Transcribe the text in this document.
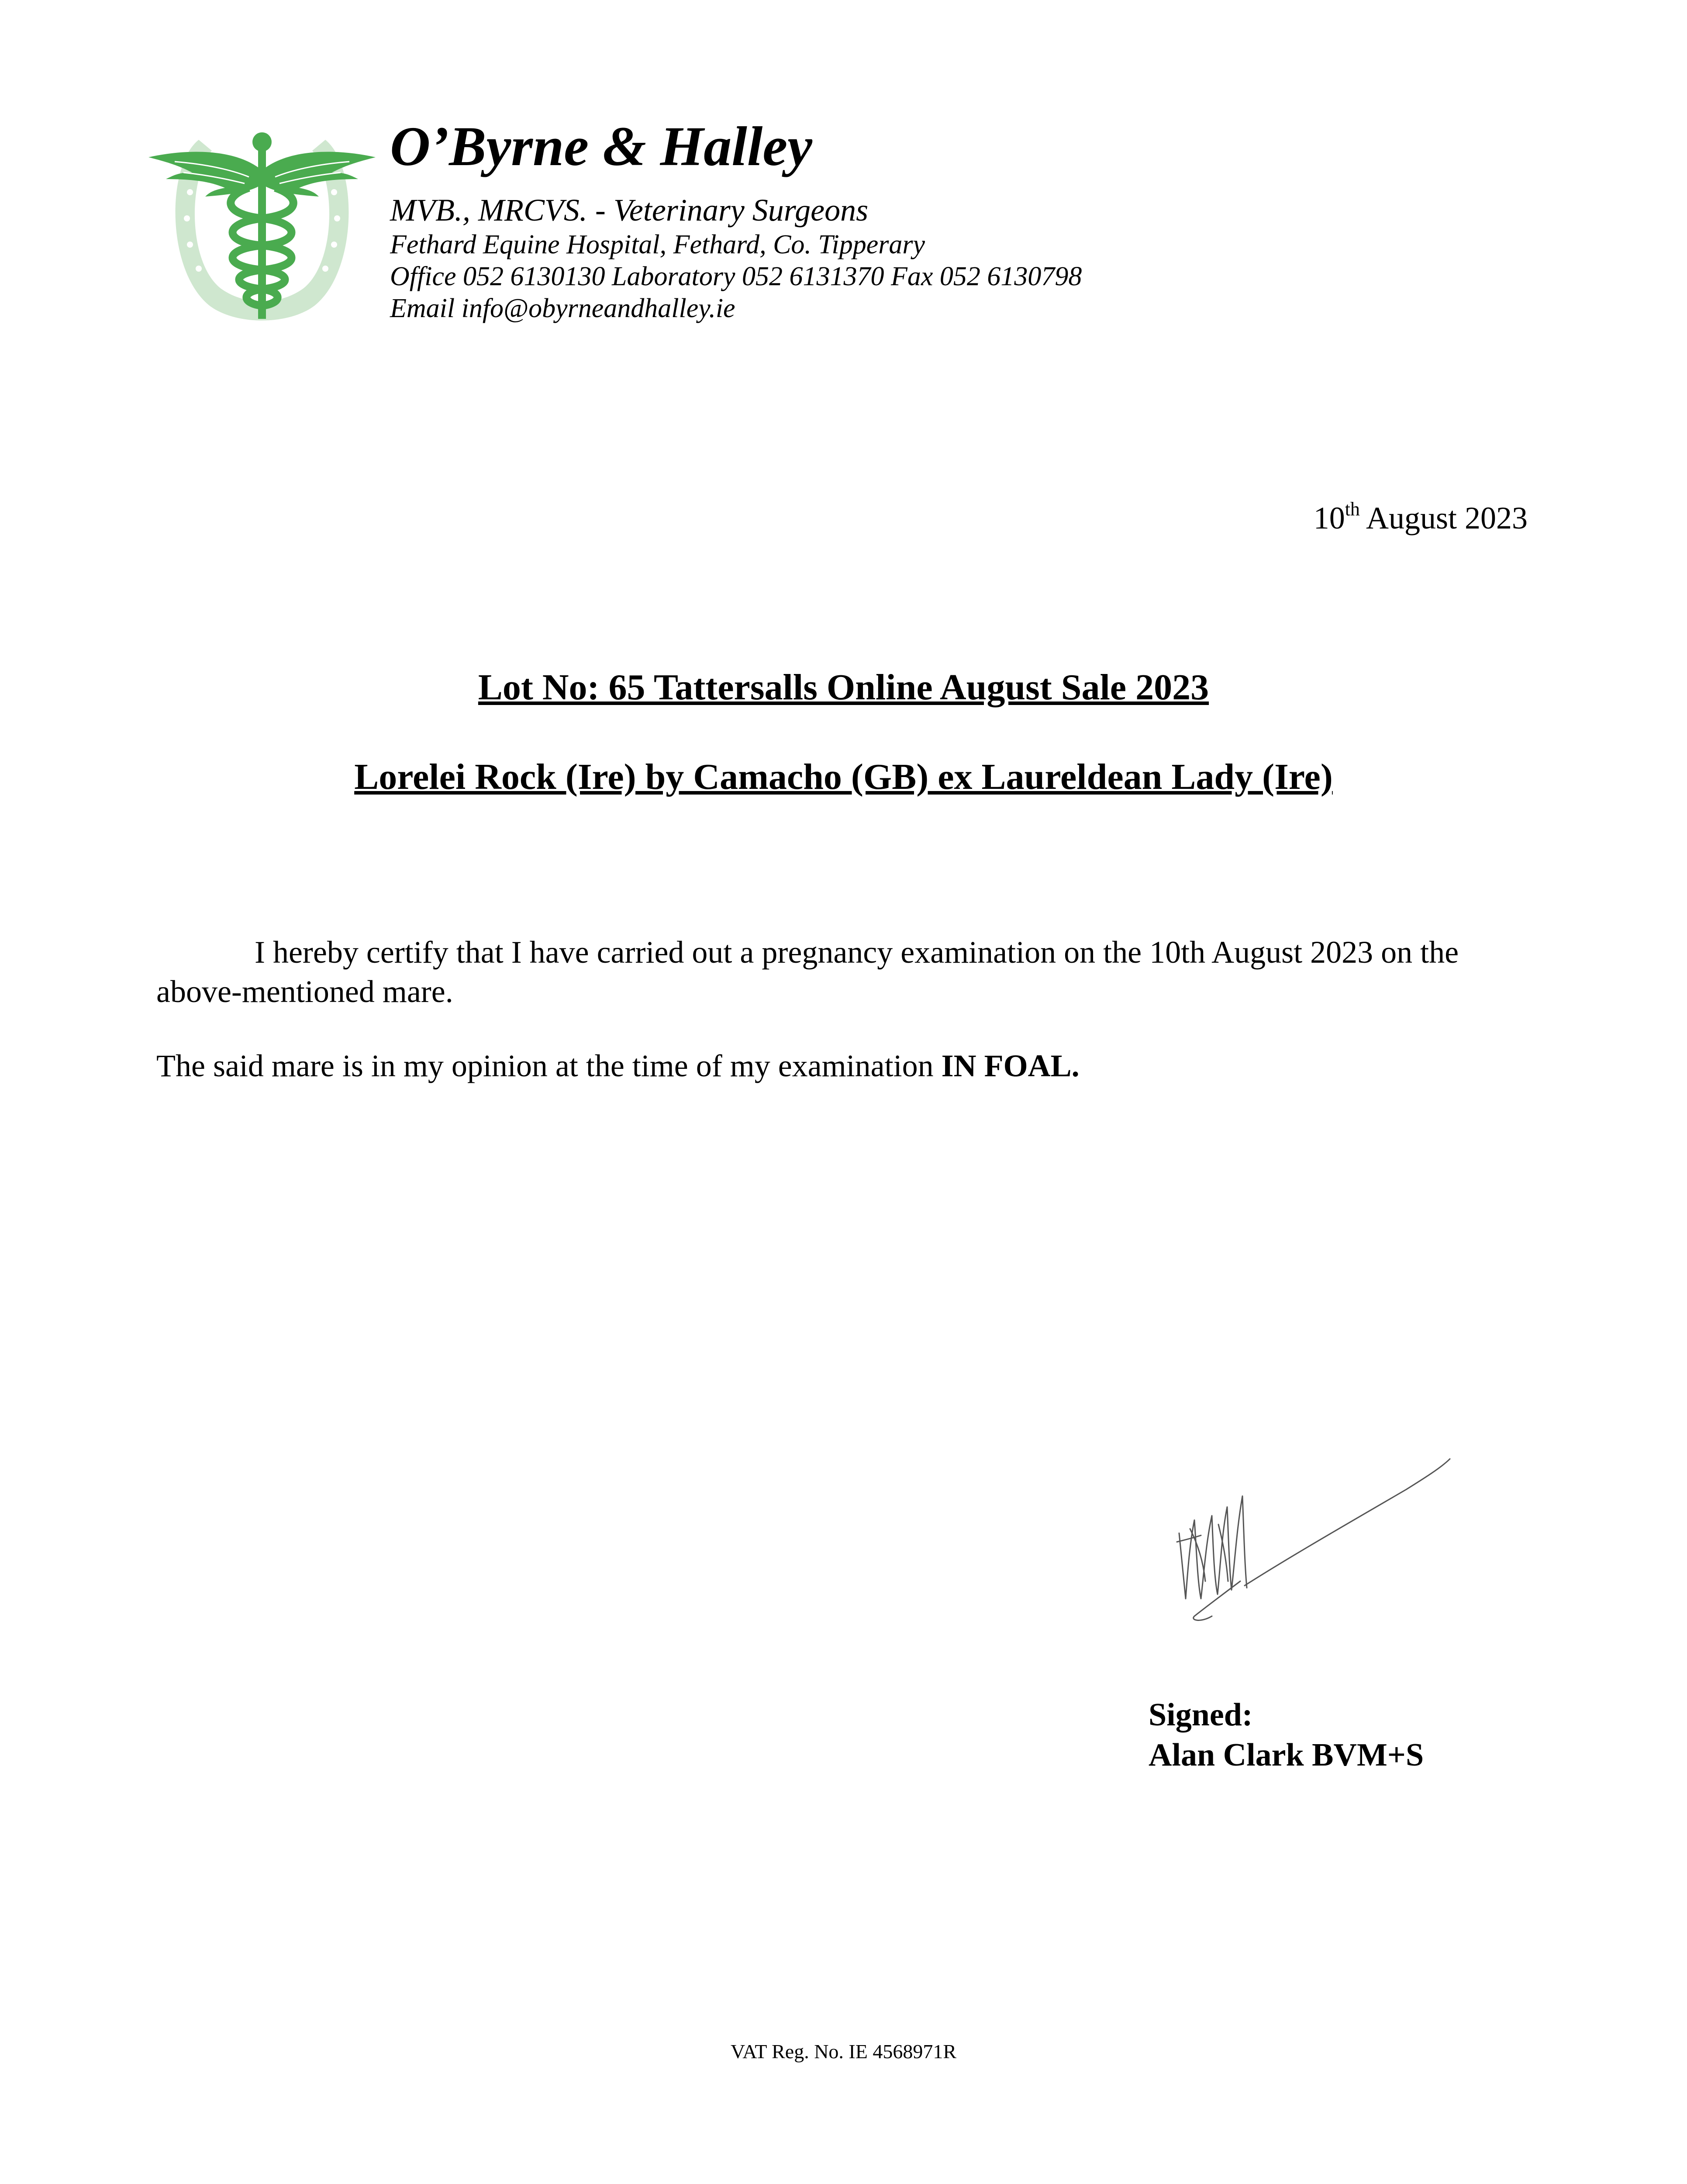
O’Byrne & Halley
MVB., MRCVS. - Veterinary Surgeons
Fethard Equine Hospital, Fethard, Co. Tipperary
Office 052 6130130 Laboratory 052 6131370 Fax 052 6130798
Email info@obyrneandhalley.ie
10th August 2023
Lot No: 65 Tattersalls Online August Sale 2023
Lorelei Rock (Ire) by Camacho (GB) ex Laureldean Lady (Ire)
I hereby certify that I have carried out a pregnancy examination on the 10th August 2023 on the above-mentioned mare.
The said mare is in my opinion at the time of my examination IN FOAL.
Signed:
Alan Clark BVM+S
VAT Reg. No. IE 4568971R
